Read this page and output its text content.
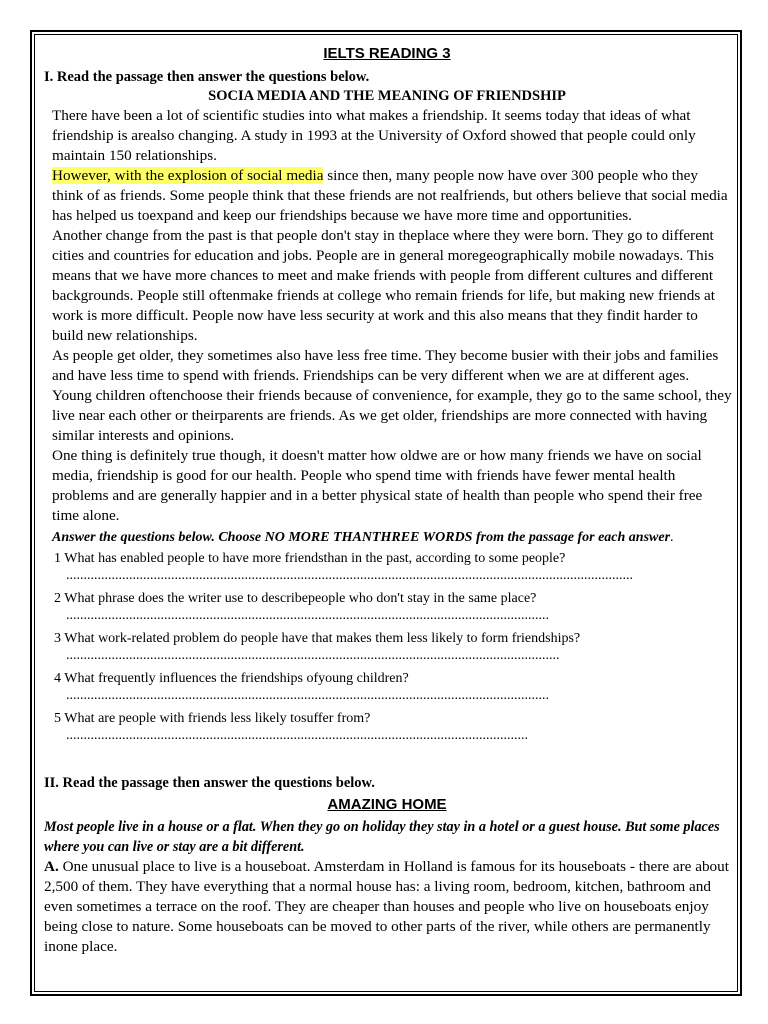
IELTS READING 3
I. Read the passage then answer the questions below.
SOCIA MEDIA AND THE MEANING OF FRIENDSHIP
There have been a lot of scientific studies into what makes a friendship. It seems today that ideas of what friendship is arealso changing. A study in 1993 at the University of Oxford showed that people could only maintain 150 relationships.
However, with the explosion of social media since then, many people now have over 300 people who they think of as friends. Some people think that these friends are not realfriends, but others believe that social media has helped us toexpand and keep our friendships because we have more time and opportunities.
Another change from the past is that people don't stay in theplace where they were born. They go to different cities and countries for education and jobs. People are in general moregeographically mobile nowadays. This means that we have more chances to meet and make friends with people from different cultures and different backgrounds. People still oftenmake friends at college who remain friends for life, but making new friends at work is more difficult. People now have less security at work and this also means that they findit harder to build new relationships.
As people get older, they sometimes also have less free time. They become busier with their jobs and families and have less time to spend with friends. Friendships can be very different when we are at different ages. Young children oftenchoose their friends because of convenience, for example, they go to the same school, they live near each other or theirparents are friends. As we get older, friendships are more connected with having similar interests and opinions.
One thing is definitely true though, it doesn't matter how oldwe are or how many friends we have on social media, friendship is good for our health. People who spend time with friends have fewer mental health problems and are generally happier and in a better physical state of health than people who spend their free time alone.
Answer the questions below. Choose NO MORE THANTHREE WORDS from the passage for each answer.
1 What has enabled people to have more friendsthan in the past, according to some people?
..................................................................................................................................................................
2 What phrase does the writer use to describepeople who don't stay in the same place?
..........................................................................................................................................
3 What work-related problem do people have that makes them less likely to form friendships?
.............................................................................................................................................
4 What frequently influences the friendships ofyoung children?
..........................................................................................................................................
5 What are people with friends less likely tosuffer from?
....................................................................................................................................
II. Read the passage then answer the questions below.
AMAZING HOME
Most people live in a house or a flat. When they go on holiday they stay in a hotel or a guest house. But some places where you can live or stay are a bit different.
A. One unusual place to live is a houseboat. Amsterdam in Holland is famous for its houseboats - there are about 2,500 of them. They have everything that a normal house has: a living room, bedroom, kitchen, bathroom and even sometimes a terrace on the roof. They are cheaper than houses and people who live on houseboats enjoy being close to nature. Some houseboats can be moved to other parts of the river, while others are permanently inone place.
